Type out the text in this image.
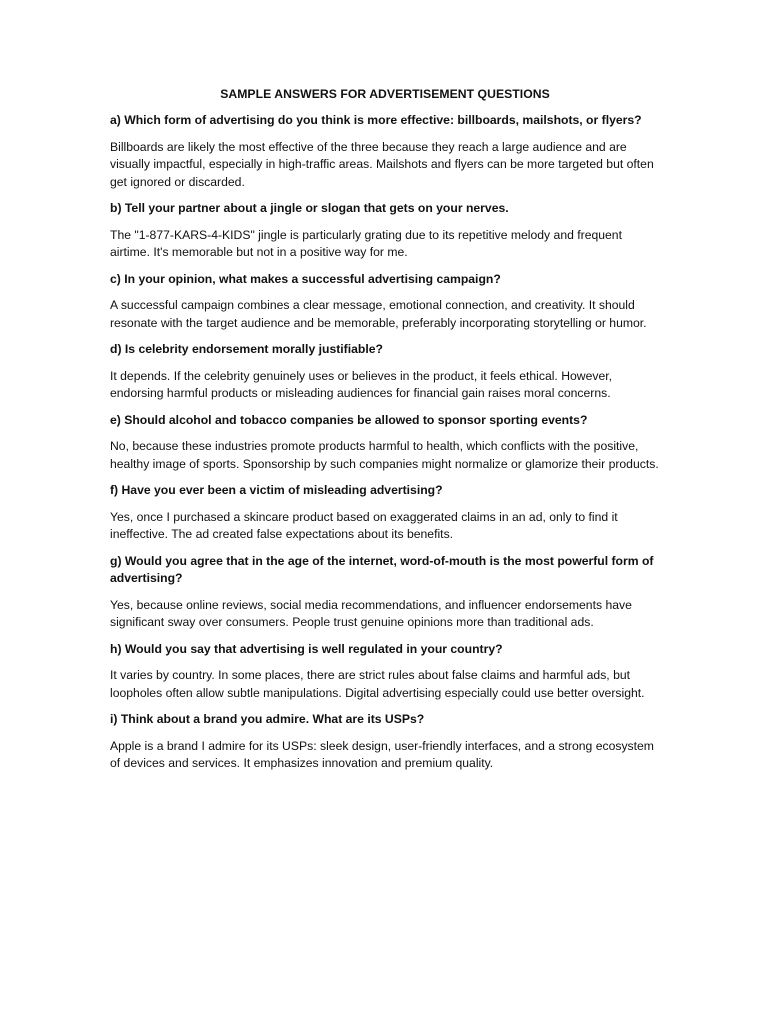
SAMPLE ANSWERS FOR ADVERTISEMENT QUESTIONS

a) Which form of advertising do you think is more effective: billboards, mailshots, or flyers?

Billboards are likely the most effective of the three because they reach a large audience and are visually impactful, especially in high-traffic areas. Mailshots and flyers can be more targeted but often get ignored or discarded.

b) Tell your partner about a jingle or slogan that gets on your nerves.

The "1-877-KARS-4-KIDS" jingle is particularly grating due to its repetitive melody and frequent airtime. It's memorable but not in a positive way for me.

c) In your opinion, what makes a successful advertising campaign?

A successful campaign combines a clear message, emotional connection, and creativity. It should resonate with the target audience and be memorable, preferably incorporating storytelling or humor.

d) Is celebrity endorsement morally justifiable?

It depends. If the celebrity genuinely uses or believes in the product, it feels ethical. However, endorsing harmful products or misleading audiences for financial gain raises moral concerns.

e) Should alcohol and tobacco companies be allowed to sponsor sporting events?

No, because these industries promote products harmful to health, which conflicts with the positive, healthy image of sports. Sponsorship by such companies might normalize or glamorize their products.

f) Have you ever been a victim of misleading advertising?

Yes, once I purchased a skincare product based on exaggerated claims in an ad, only to find it ineffective. The ad created false expectations about its benefits.

g) Would you agree that in the age of the internet, word-of-mouth is the most powerful form of advertising?

Yes, because online reviews, social media recommendations, and influencer endorsements have significant sway over consumers. People trust genuine opinions more than traditional ads.

h) Would you say that advertising is well regulated in your country?

It varies by country. In some places, there are strict rules about false claims and harmful ads, but loopholes often allow subtle manipulations. Digital advertising especially could use better oversight.

i) Think about a brand you admire. What are its USPs?

Apple is a brand I admire for its USPs: sleek design, user-friendly interfaces, and a strong ecosystem of devices and services. It emphasizes innovation and premium quality.
